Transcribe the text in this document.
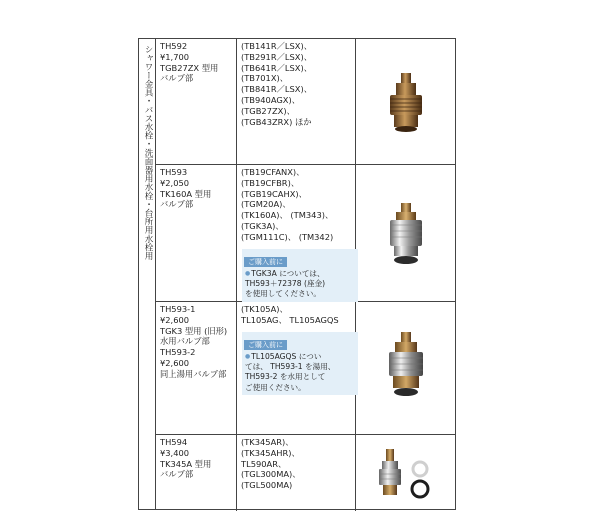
シャワー金具・バス水栓・洗面器用水栓・台所用水栓用 TH592
¥1,700
TGB27ZX 型用
バルブ部
(TB141R／LSX)、
(TB291R／LSX)、
(TB641R／LSX)、
(TB701X)、
(TB841R／LSX)、
(TB940AGX)、
(TGB27ZX)、
(TGB43ZRX) ほか
TH593
¥2,050
TK160A 型用
バルブ部
(TB19CFANX)、
(TB19CFBR)、
(TGB19CAHX)、
(TGM20A)、
(TK160A)、 (TM343)、
(TGK3A)、
(TGM111C)、 (TM342)
ご購入前に
● TGK3A については、
TH593＋72378 (座金)
を使用してください。
TH593-1
¥2,600
TGK3 型用 (旧形)
水用バルブ部
TH593-2
¥2,600
同上湯用バルブ部
(TK105A)、
TL105AG、 TL105AGQS
ご購入前に
● TL105AGQS につい
ては、 TH593-1 を湯用、
TH593-2 を水用として
ご使用ください。
TH594
¥3,400
TK345A 型用
バルブ部
(TK345AR)、
(TK345AHR)、
TL590AR、
(TGL300MA)、
(TGL500MA)
